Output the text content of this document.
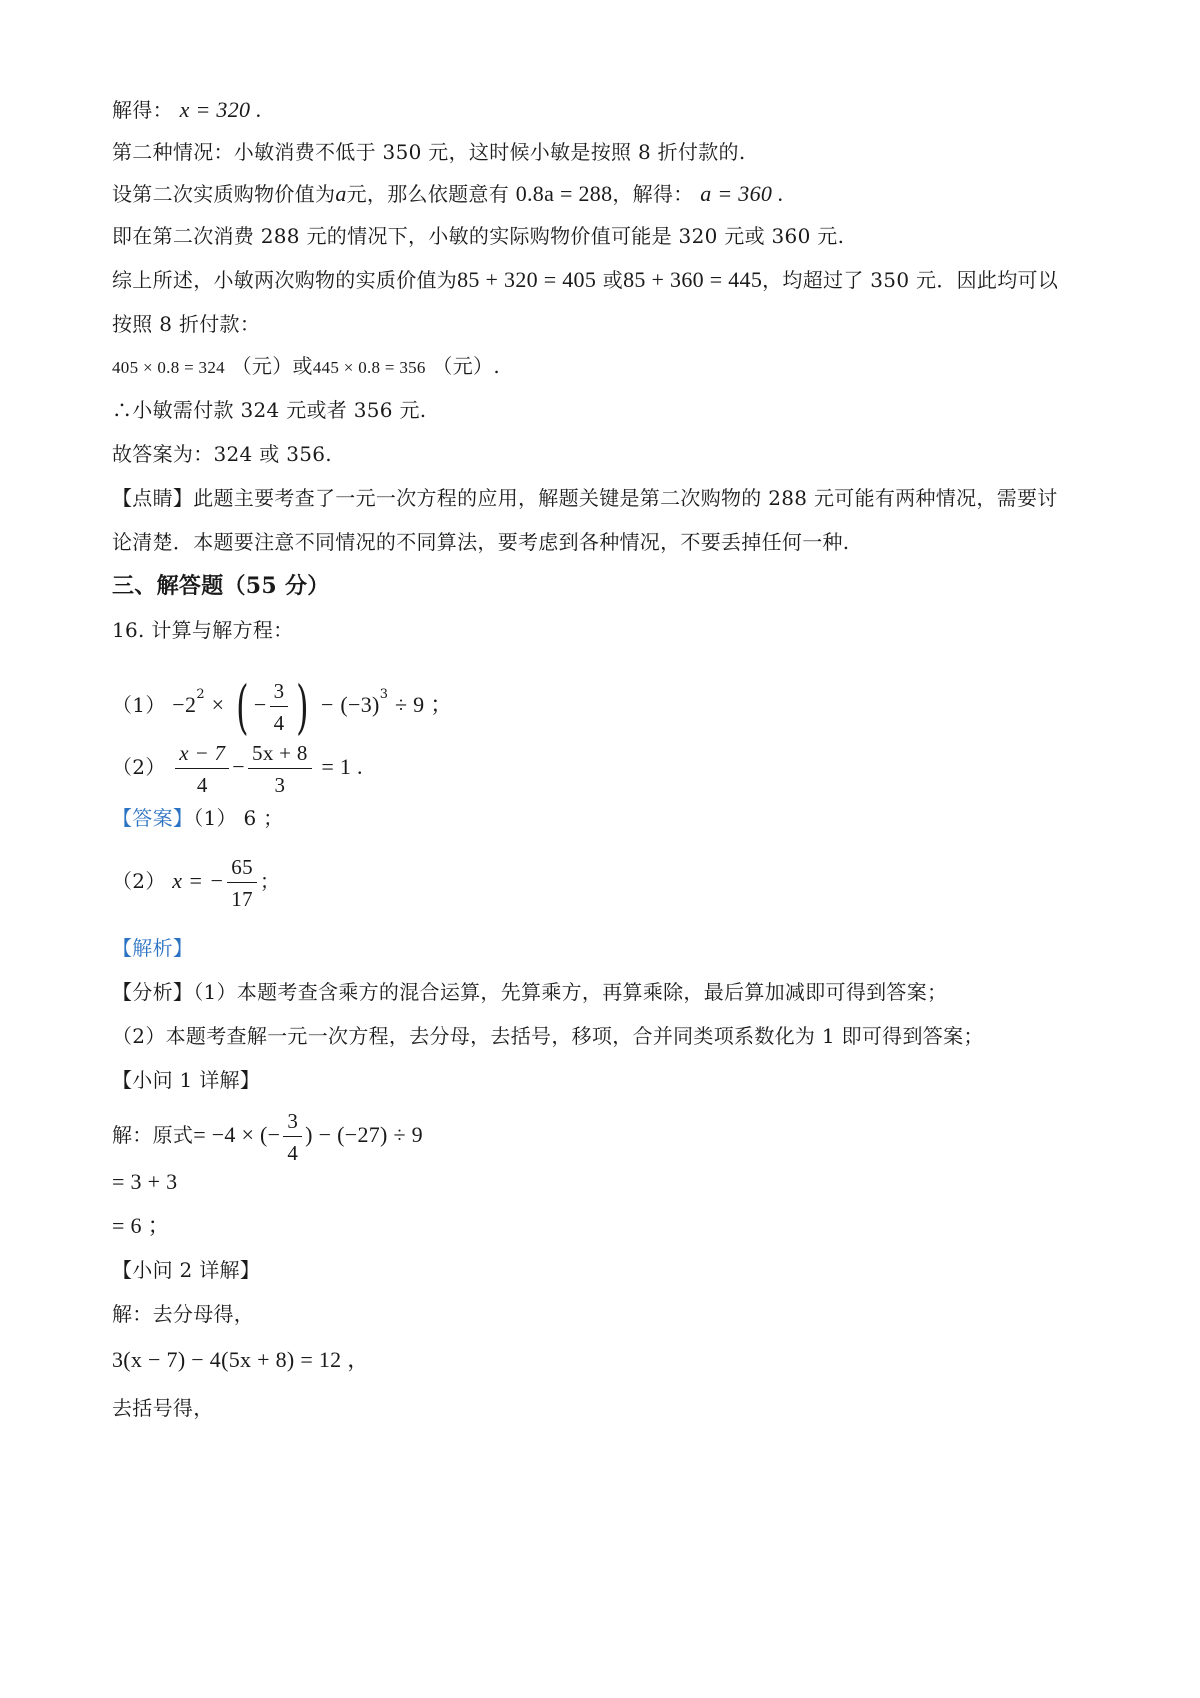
解得： x = 320 .
第二种情况：小敏消费不低于 350 元，这时候小敏是按照 8 折付款的.
设第二次实质购物价值为a元，那么依题意有 0.8a = 288，解得： a = 360 .
即在第二次消费 288 元的情况下，小敏的实际购物价值可能是 320 元或 360 元.
综上所述，小敏两次购物的实质价值为85 + 320 = 405 或85 + 360 = 445，均超过了 350 元．因此均可以
按照 8 折付款：
405 × 0.8 = 324 （元）或445 × 0.8 = 356 （元）.
∴小敏需付款 324 元或者 356 元.
故答案为：324 或 356.
【点睛】此题主要考查了一元一次方程的应用，解题关键是第二次购物的 288 元可能有两种情况，需要讨
论清楚．本题要注意不同情况的不同算法，要考虑到各种情况，不要丢掉任何一种.
三、解答题（55 分）
16. 计算与解方程：
$(1) -2^2$ × ( − $\frac{3}{4}$ ) − $(-3)^3 \div 9$ ；
$(2) \frac{x - 7}{4} - \frac{5x + 8}{3} = 1$ .
【答案】（1） 6 ；
（2） x = − $\frac{65}{17}$ ；
【解析】
【分析】（1）本题考查含乘方的混合运算，先算乘方，再算乘除，最后算加减即可得到答案；
（2）本题考查解一元一次方程，去分母，去括号，移项，合并同类项系数化为 1 即可得到答案；
【小问 1 详解】
解：原式= −4 × (− $\frac{3}{4}$ ) − (−27) ÷ 9
= 3 + 3
= 6 ；
【小问 2 详解】
解：去分母得，
3(x − 7) − 4(5x + 8) = 12 ，
去括号得，
